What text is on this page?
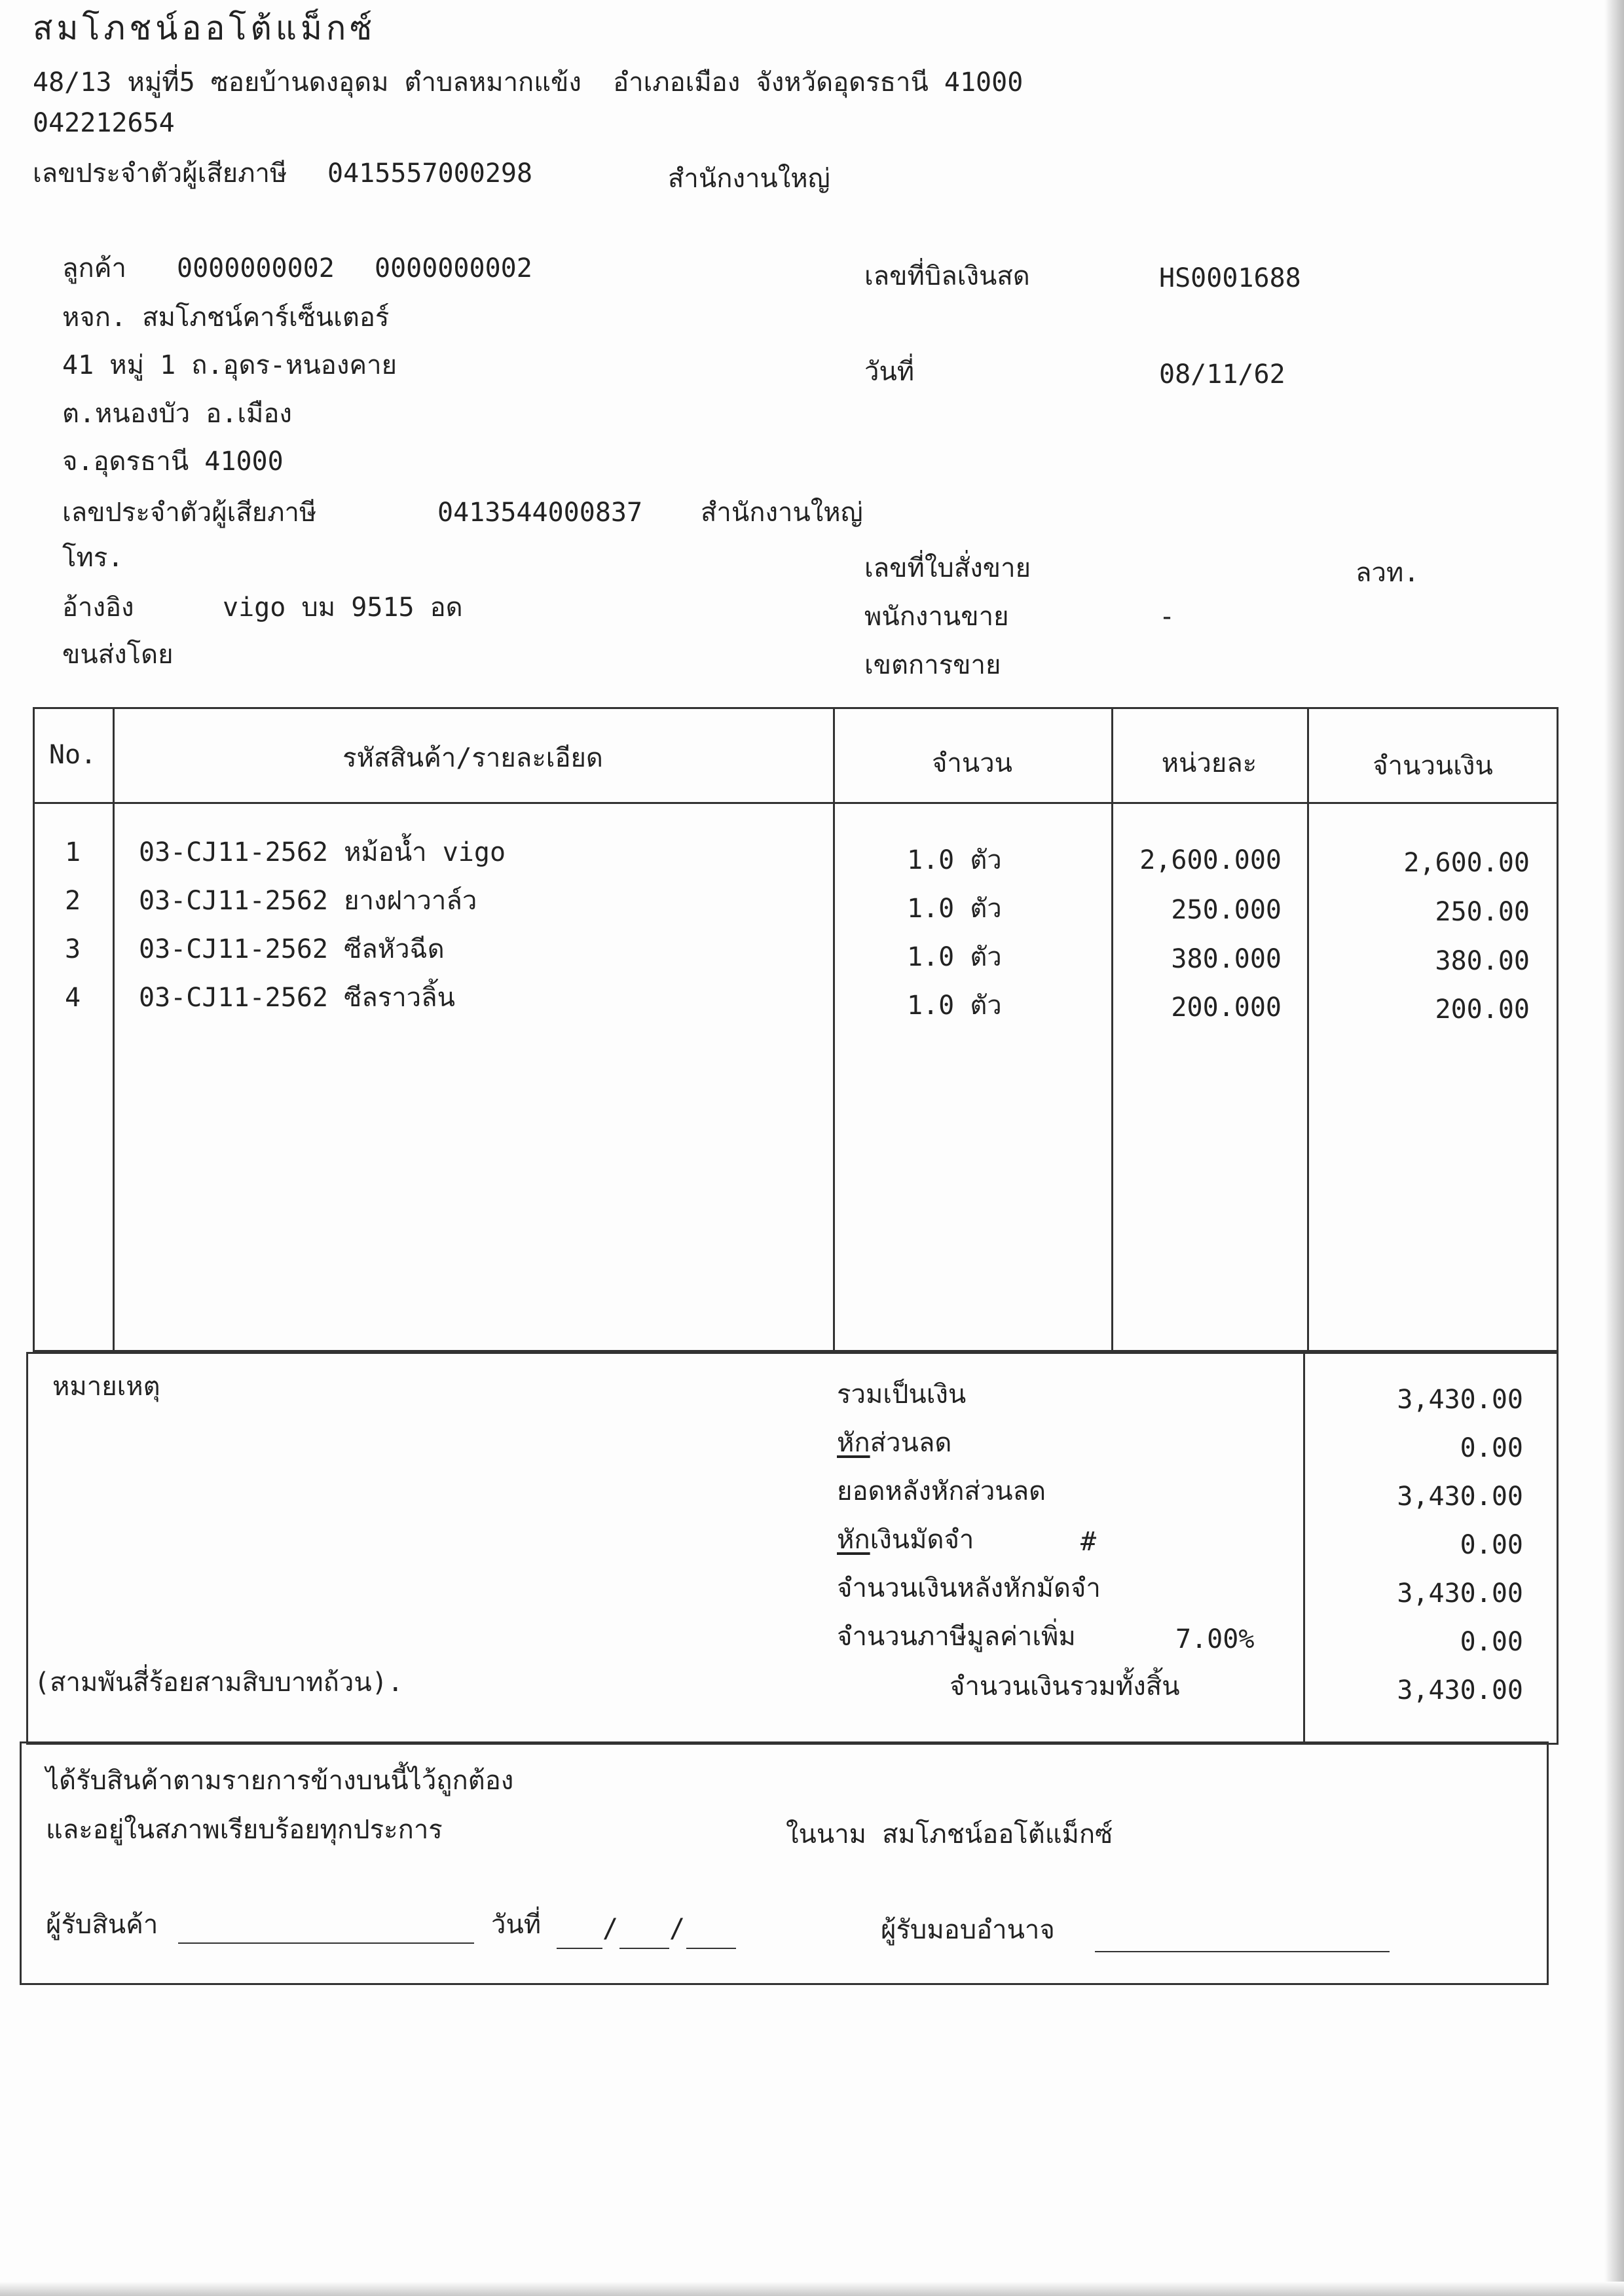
สมโภชน์ออโต้แม็กซ์
48/13 หมู่ที่5 ซอยบ้านดงอุดม ตำบลหมากแข้ง  อำเภอเมือง จังหวัดอุดรธานี 41000
042212654
เลขประจำตัวผู้เสียภาษี 0415557000298	สำนักงานใหญ่
ลูกค้า 0000000002 0000000002
หจก. สมโภชน์คาร์เซ็นเตอร์
41 หมู่ 1 ถ.อุดร-หนองคาย
ต.หนองบัว อ.เมือง
จ.อุดรธานี 41000
เลขประจำตัวผู้เสียภาษี	0413544000837 สำนักงานใหญ่
โทร.
อ้างอิง	vigo บม 9515 อด
ขนส่งโดย
เลขที่บิลเงินสด	HS0001688
วันที่	08/11/62
เลขที่ใบสั่งขาย	ลวท.
พนักงานขาย	-
เขตการขาย
No.	รหัสสินค้า/รายละเอียด	จำนวน	หน่วยละ	จำนวนเงิน
1	03-CJ11-2562 หม้อน้ำ vigo	1.0 ตัว	2,600.000	2,600.00
2	03-CJ11-2562 ยางฝาวาล์ว	1.0 ตัว	250.000	250.00
3	03-CJ11-2562 ซีลหัวฉีด	1.0 ตัว	380.000	380.00
4	03-CJ11-2562 ซีลราวลิ้น	1.0 ตัว	200.000	200.00
หมายเหตุ
(สามพันสี่ร้อยสามสิบบาทถ้วน).
รวมเป็นเงิน	3,430.00
หักส่วนลด	0.00
ยอดหลังหักส่วนลด	3,430.00
หักเงินมัดจำ	#	0.00
จำนวนเงินหลังหักมัดจำ	3,430.00
จำนวนภาษีมูลค่าเพิ่ม	7.00%	0.00
จำนวนเงินรวมทั้งสิ้น	3,430.00
ได้รับสินค้าตามรายการข้างบนนี้ไว้ถูกต้อง
และอยู่ในสภาพเรียบร้อยทุกประการ	ในนาม สมโภชน์ออโต้แม็กซ์
ผู้รับสินค้า	วันที่ / /	ผู้รับมอบอำนาจ
